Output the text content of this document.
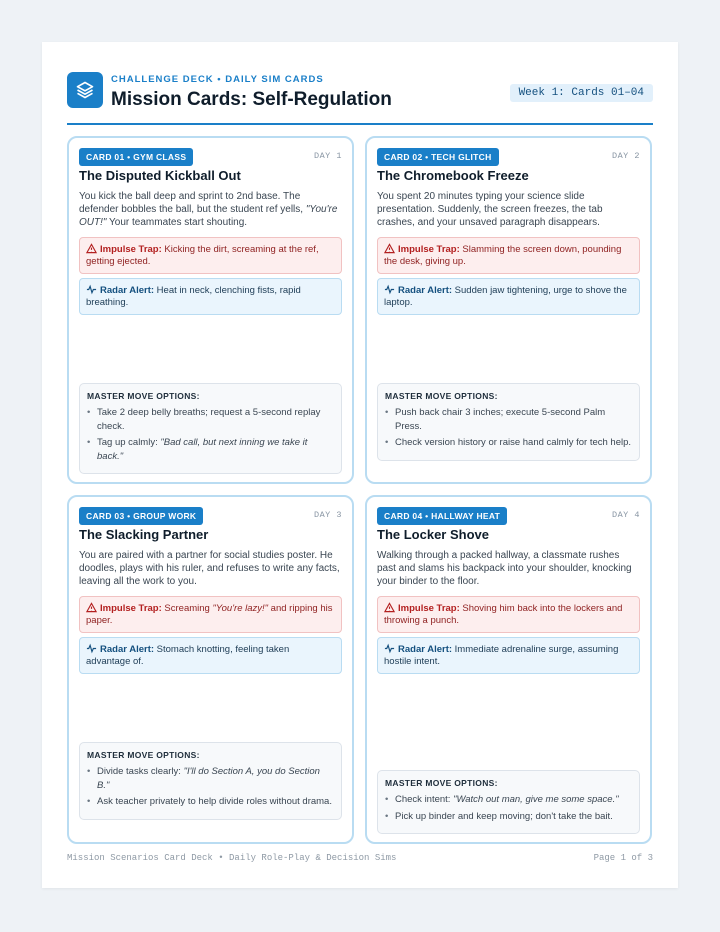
CHALLENGE DECK • DAILY SIM CARDS
Mission Cards: Self-Regulation	Week 1: Cards 01–04
CARD 01 • GYM CLASS	DAY 1
The Disputed Kickball Out
You kick the ball deep and sprint to 2nd base. The defender bobbles the ball, but the student ref yells, "You're OUT!" Your teammates start shouting.
Impulse Trap: Kicking the dirt, screaming at the ref, getting ejected.
Radar Alert: Heat in neck, clenching fists, rapid breathing.
MASTER MOVE OPTIONS:
• Take 2 deep belly breaths; request a 5-second replay check.
• Tag up calmly: "Bad call, but next inning we take it back."
CARD 02 • TECH GLITCH	DAY 2
The Chromebook Freeze
You spent 20 minutes typing your science slide presentation. Suddenly, the screen freezes, the tab crashes, and your unsaved paragraph disappears.
Impulse Trap: Slamming the screen down, pounding the desk, giving up.
Radar Alert: Sudden jaw tightening, urge to shove the laptop.
MASTER MOVE OPTIONS:
• Push back chair 3 inches; execute 5-second Palm Press.
• Check version history or raise hand calmly for tech help.
CARD 03 • GROUP WORK	DAY 3
The Slacking Partner
You are paired with a partner for social studies poster. He doodles, plays with his ruler, and refuses to write any facts, leaving all the work to you.
Impulse Trap: Screaming "You're lazy!" and ripping his paper.
Radar Alert: Stomach knotting, feeling taken advantage of.
MASTER MOVE OPTIONS:
• Divide tasks clearly: "I'll do Section A, you do Section B."
• Ask teacher privately to help divide roles without drama.
CARD 04 • HALLWAY HEAT	DAY 4
The Locker Shove
Walking through a packed hallway, a classmate rushes past and slams his backpack into your shoulder, knocking your binder to the floor.
Impulse Trap: Shoving him back into the lockers and throwing a punch.
Radar Alert: Immediate adrenaline surge, assuming hostile intent.
MASTER MOVE OPTIONS:
• Check intent: "Watch out man, give me some space."
• Pick up binder and keep moving; don't take the bait.
Mission Scenarios Card Deck • Daily Role-Play & Decision Sims	Page 1 of 3
